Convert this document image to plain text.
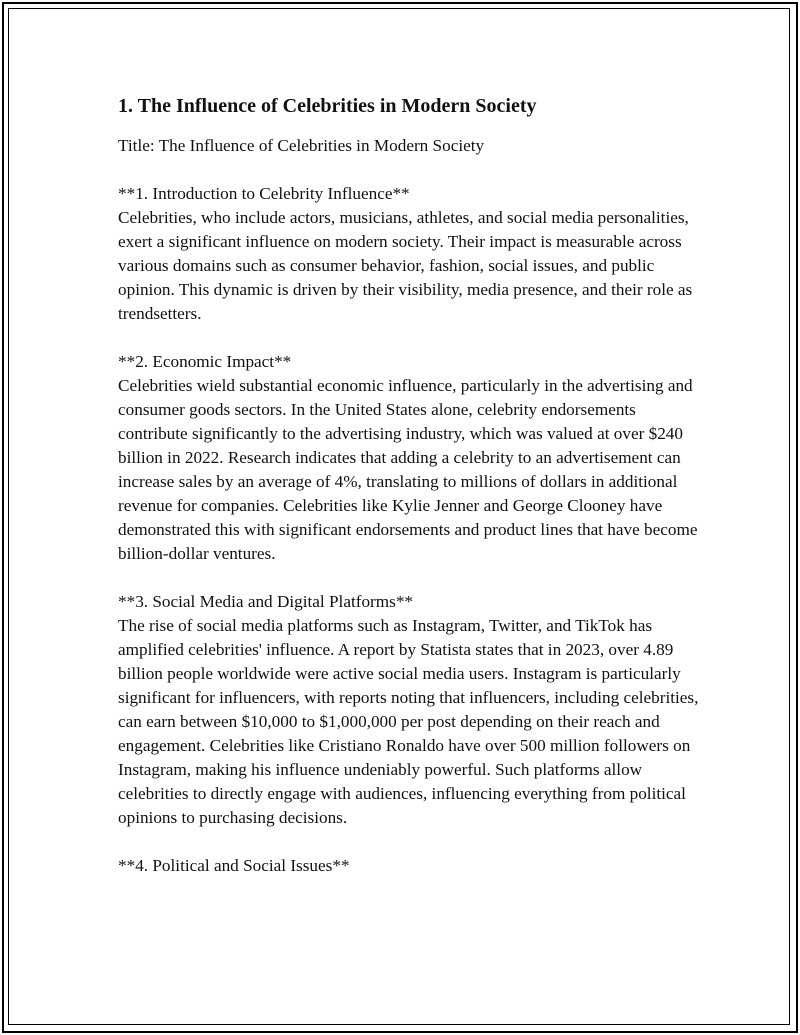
1. The Influence of Celebrities in Modern Society
Title: The Influence of Celebrities in Modern Society
**1. Introduction to Celebrity Influence**

Celebrities, who include actors, musicians, athletes, and social media personalities, exert a significant influence on modern society. Their impact is measurable across various domains such as consumer behavior, fashion, social issues, and public opinion. This dynamic is driven by their visibility, media presence, and their role as trendsetters.

**2. Economic Impact**

Celebrities wield substantial economic influence, particularly in the advertising and consumer goods sectors. In the United States alone, celebrity endorsements contribute significantly to the advertising industry, which was valued at over $240 billion in 2022. Research indicates that adding a celebrity to an advertisement can increase sales by an average of 4%, translating to millions of dollars in additional revenue for companies. Celebrities like Kylie Jenner and George Clooney have demonstrated this with significant endorsements and product lines that have become billion-dollar ventures.

**3. Social Media and Digital Platforms**

The rise of social media platforms such as Instagram, Twitter, and TikTok has amplified celebrities' influence. A report by Statista states that in 2023, over 4.89 billion people worldwide were active social media users. Instagram is particularly significant for influencers, with reports noting that influencers, including celebrities, can earn between $10,000 to $1,000,000 per post depending on their reach and engagement. Celebrities like Cristiano Ronaldo have over 500 million followers on Instagram, making his influence undeniably powerful. Such platforms allow celebrities to directly engage with audiences, influencing everything from political opinions to purchasing decisions.

**4. Political and Social Issues**
